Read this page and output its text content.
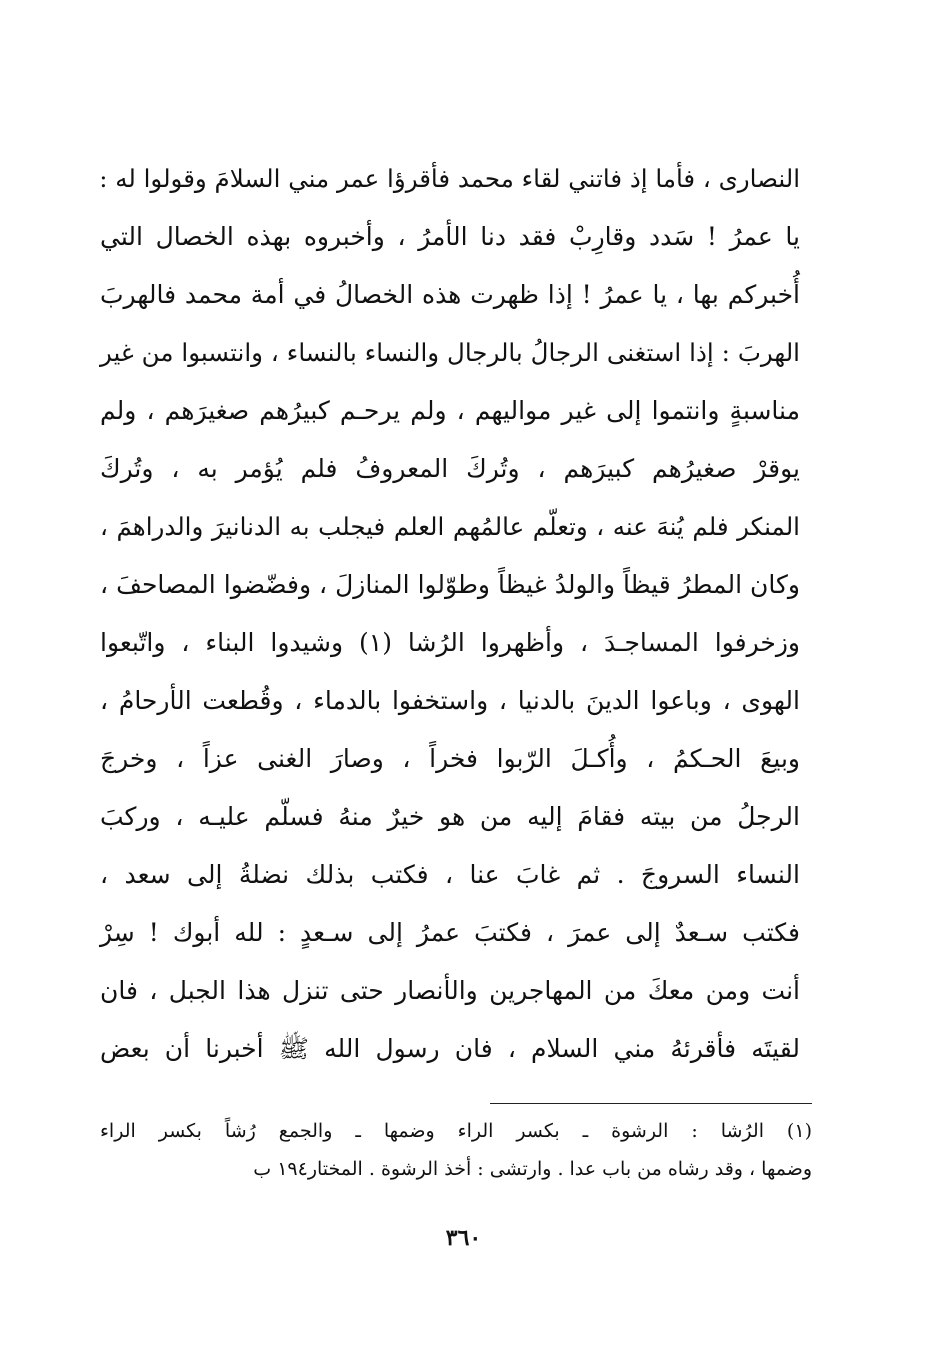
النصارى ، فأما إذ فاتني لقاء محمد فأقرؤا عمر مني السلامَ وقولوا له :
يا عمرُ ! سَدد وقارِبْ فقد دنا الأمرُ ، وأخبروه بهذه الخصال التي
أُخبركم بها ، يا عمرُ ! إذا ظهرت هذه الخصالُ في أمة محمد فالهربَ
الهربَ : إذا استغنى الرجالُ بالرجال والنساء بالنساء ، وانتسبوا من غير
مناسبةٍ وانتموا إلى غير مواليهم ، ولم يرحـم كبيرُهم صغيرَهم ، ولم
يوقرْ صغيرُهم كبيرَهم ، وتُركَ المعروفُ فلم يُؤمر به ، وتُركَ
المنكر فلم يُنهَ عنه ، وتعلّم عالمُهم العلم فيجلب به الدنانيرَ والدراهمَ ،
وكان المطرُ قيظاً والولدُ غيظاً وطوّلوا المنازلَ ، وفضّضوا المصاحفَ ،
وزخرفوا المساجـدَ ، وأظهروا الرُشا (١) وشيدوا البناء ، واتّبعوا
الهوى ، وباعوا الدينَ بالدنيا ، واستخفوا بالدماء ، وقُطعت الأرحامُ ،
وبيعَ الحـكمُ ، وأُكـلَ الرّبوا فخراً ، وصارَ الغنى عزاً ، وخرجَ
الرجلُ من بيته فقامَ إليه من هو خيرٌ منهُ فسلّم عليـه ، وركبَ
النساء السروجَ . ثم غابَ عنا ، فكتب بذلك نضلةُ إلى سعد ،
فكتب سـعدٌ إلى عمرَ ، فكتبَ عمرُ إلى سـعدٍ : لله أبوك ! سِرْ
أنت ومن معكَ من المهاجرين والأنصار حتى تنزل هذا الجبل ، فان
لقيتَه فأقرئهُ مني السلام ، فان رسول الله ﷺ أخبرنا أن بعض
(١) الرُشا : الرشوة ـ بكسر الراء وضمها ـ والجمع رُشاً بكسر الراء
وضمها ، وقد رشاه من باب عدا . وارتشى : أخذ الرشوة . المختار١٩٤ ب
٣٦٠
